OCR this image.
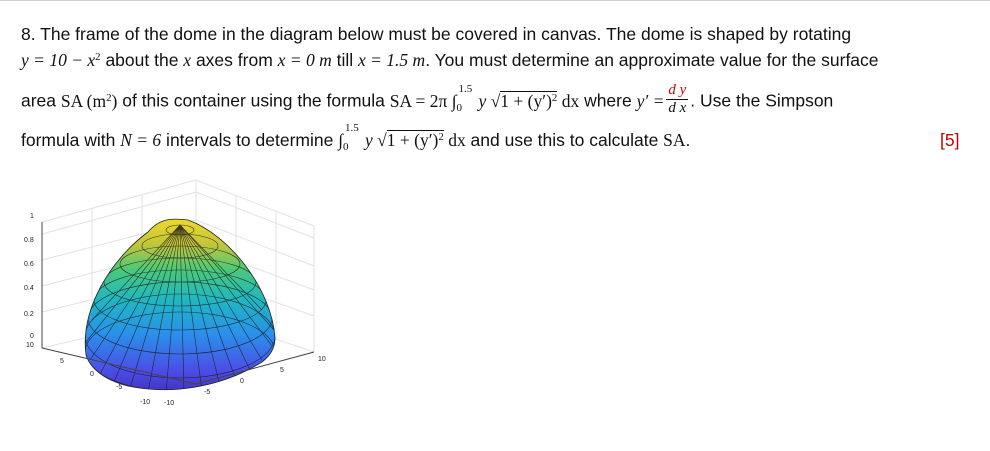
8. The frame of the dome in the diagram below must be covered in canvas. The dome is shaped by rotating
$y = 10 - x^2$ about the x axes from x = 0 m till x = 1.5 m. You must determine an approximate value for the surface
area SA $(m^2)$ of this container using the formula SA = 2π ∫
1.5
0 y $√1 + (y')^2$ dx where $y' = \frac{\text{d y}}{\text{d x}}$ . Use the Simpson
formula with N = 6 intervals to determine ∫
1.5
0 y $√1 + (y')^2$ dx and use this to calculate SA.	[5]
1
0.8
0.6
0.4
0.2
0
10
5
0
-5
-10 -10
-5
0
5
10
